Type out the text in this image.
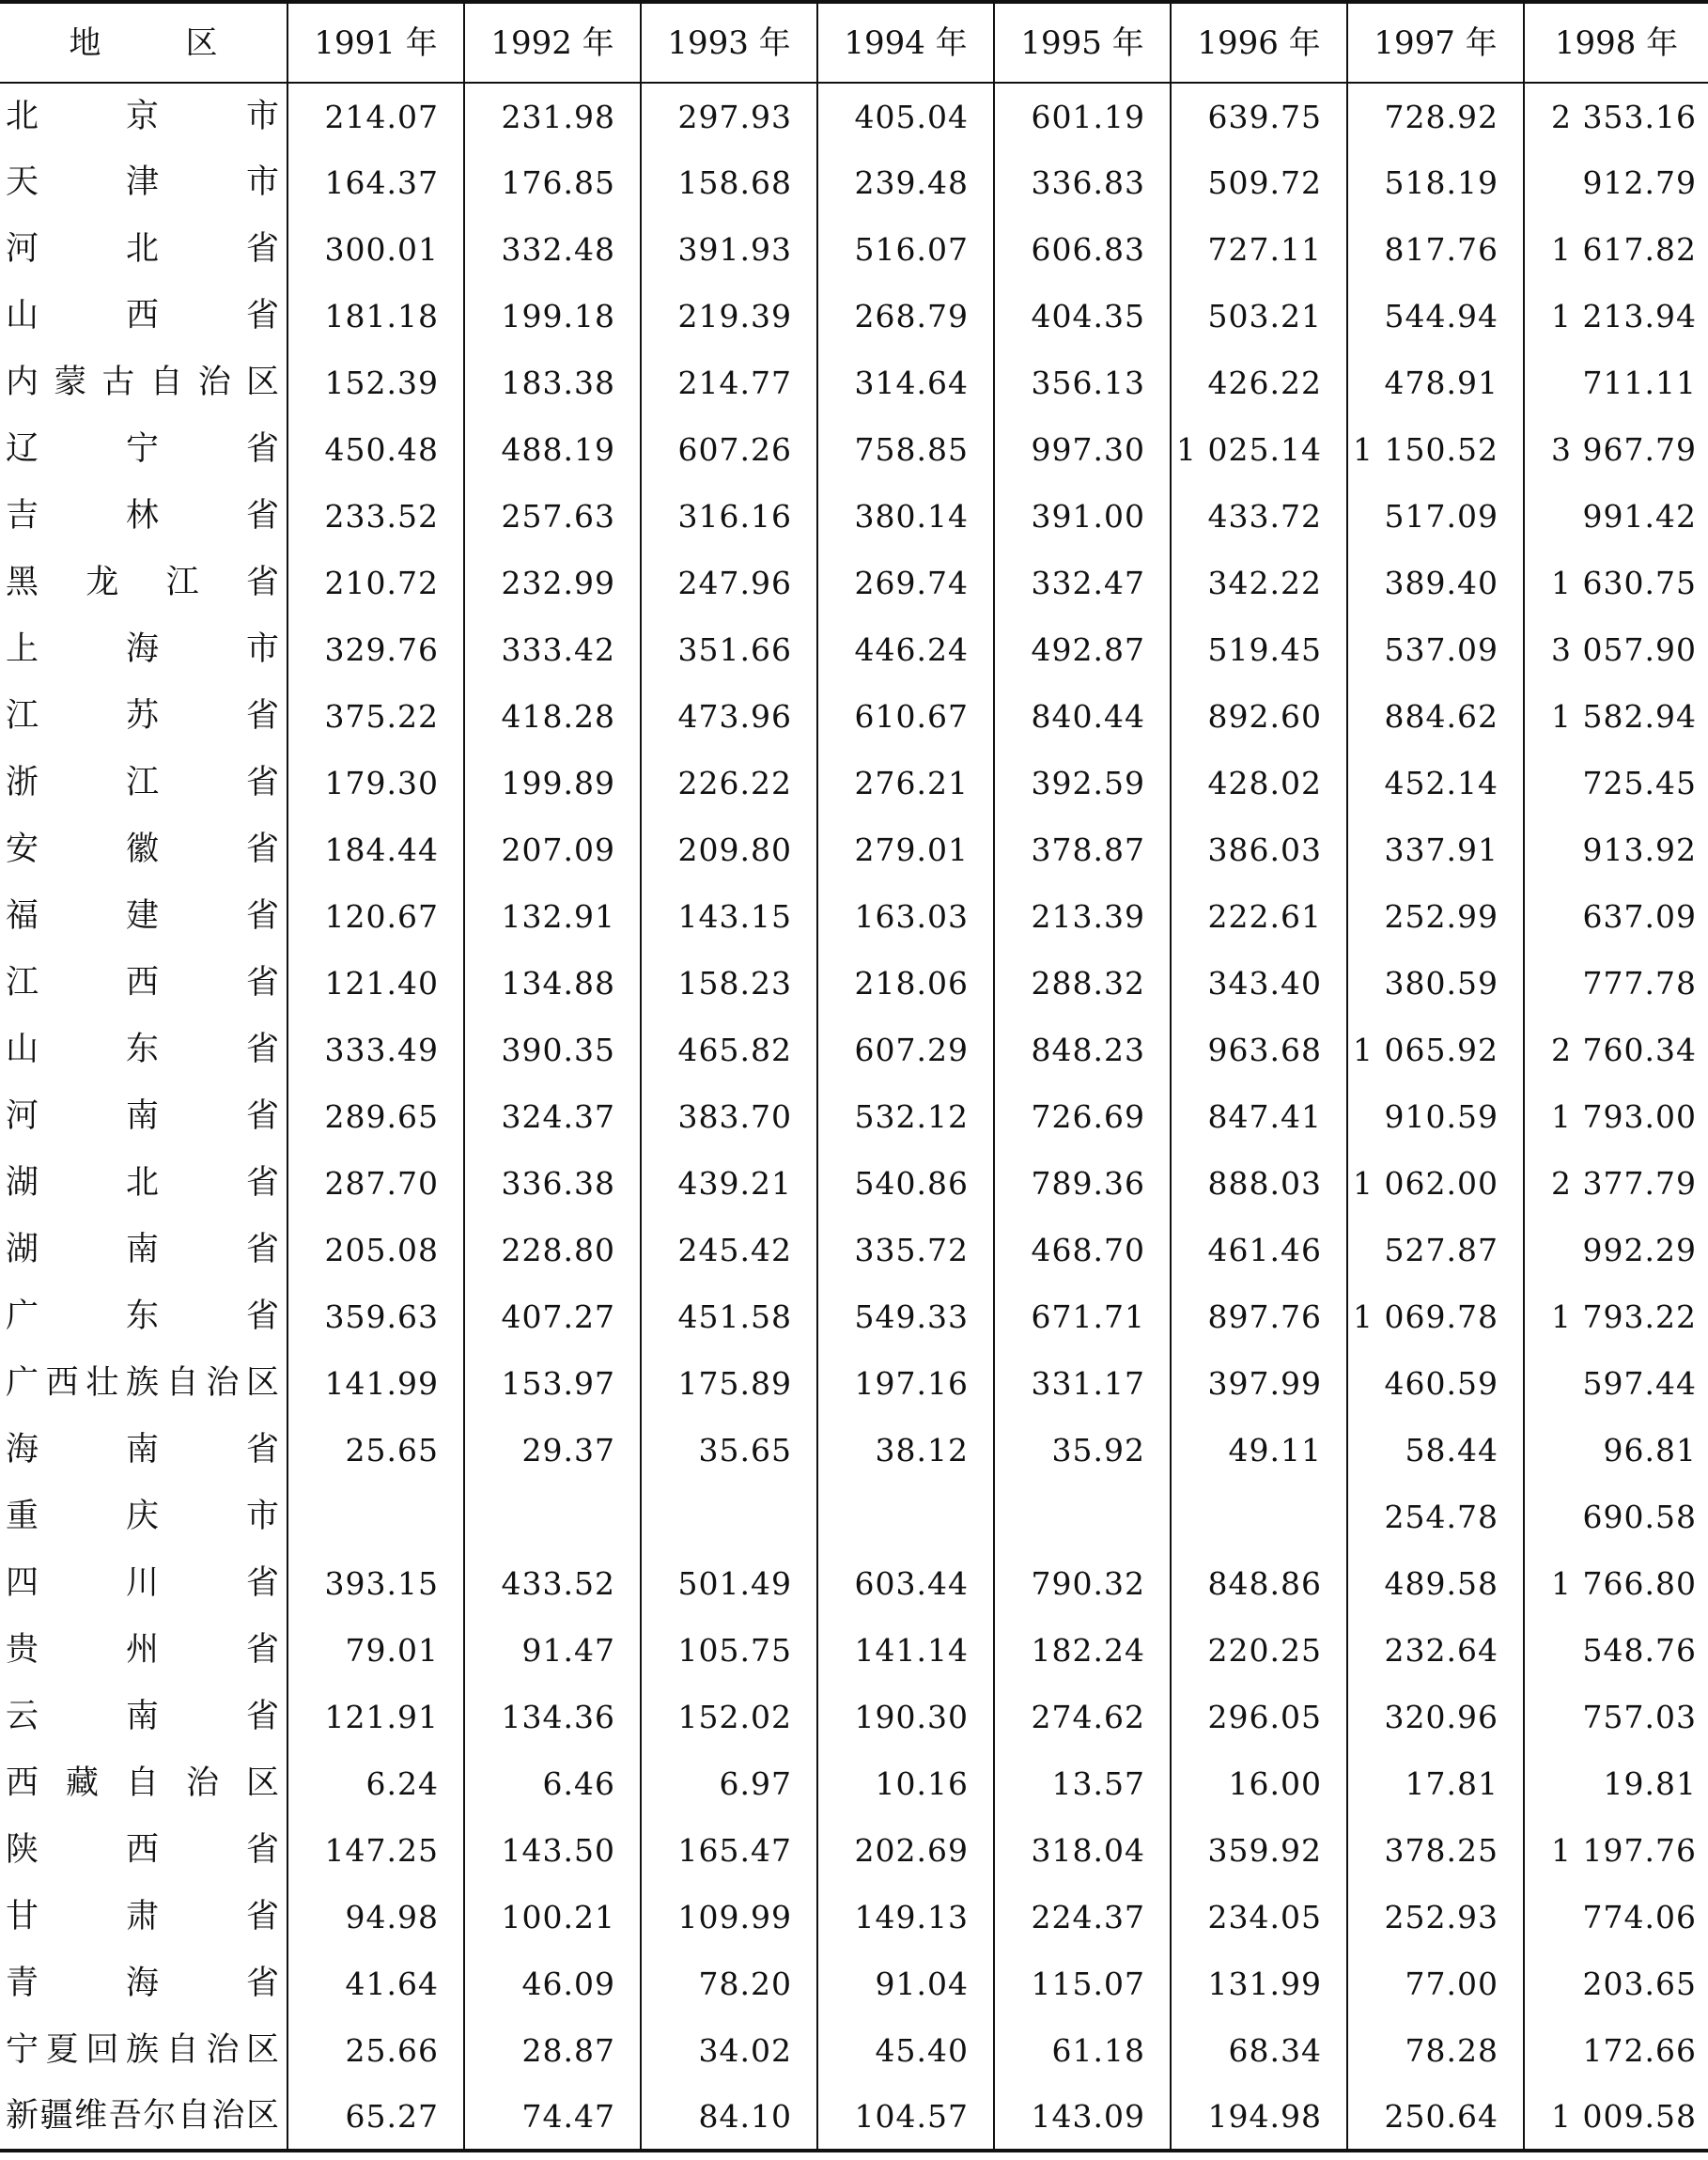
地 区	1991 年	1992 年	1993 年	1994 年	1995 年	1996 年	1997 年	1998 年
北京市	214.07	231.98	297.93	405.04	601.19	639.75	728.92	2 353.16
天津市	164.37	176.85	158.68	239.48	336.83	509.72	518.19	912.79
河北省	300.01	332.48	391.93	516.07	606.83	727.11	817.76	1 617.82
山西省	181.18	199.18	219.39	268.79	404.35	503.21	544.94	1 213.94
内蒙古自治区	152.39	183.38	214.77	314.64	356.13	426.22	478.91	711.11
辽宁省	450.48	488.19	607.26	758.85	997.30	1 025.14	1 150.52	3 967.79
吉林省	233.52	257.63	316.16	380.14	391.00	433.72	517.09	991.42
黑龙江省	210.72	232.99	247.96	269.74	332.47	342.22	389.40	1 630.75
上海市	329.76	333.42	351.66	446.24	492.87	519.45	537.09	3 057.90
江苏省	375.22	418.28	473.96	610.67	840.44	892.60	884.62	1 582.94
浙江省	179.30	199.89	226.22	276.21	392.59	428.02	452.14	725.45
安徽省	184.44	207.09	209.80	279.01	378.87	386.03	337.91	913.92
福建省	120.67	132.91	143.15	163.03	213.39	222.61	252.99	637.09
江西省	121.40	134.88	158.23	218.06	288.32	343.40	380.59	777.78
山东省	333.49	390.35	465.82	607.29	848.23	963.68	1 065.92	2 760.34
河南省	289.65	324.37	383.70	532.12	726.69	847.41	910.59	1 793.00
湖北省	287.70	336.38	439.21	540.86	789.36	888.03	1 062.00	2 377.79
湖南省	205.08	228.80	245.42	335.72	468.70	461.46	527.87	992.29
广东省	359.63	407.27	451.58	549.33	671.71	897.76	1 069.78	1 793.22
广西壮族自治区	141.99	153.97	175.89	197.16	331.17	397.99	460.59	597.44
海南省	25.65	29.37	35.65	38.12	35.92	49.11	58.44	96.81
重庆市							254.78	690.58
四川省	393.15	433.52	501.49	603.44	790.32	848.86	489.58	1 766.80
贵州省	79.01	91.47	105.75	141.14	182.24	220.25	232.64	548.76
云南省	121.91	134.36	152.02	190.30	274.62	296.05	320.96	757.03
西藏自治区	6.24	6.46	6.97	10.16	13.57	16.00	17.81	19.81
陕西省	147.25	143.50	165.47	202.69	318.04	359.92	378.25	1 197.76
甘肃省	94.98	100.21	109.99	149.13	224.37	234.05	252.93	774.06
青海省	41.64	46.09	78.20	91.04	115.07	131.99	77.00	203.65
宁夏回族自治区	25.66	28.87	34.02	45.40	61.18	68.34	78.28	172.66
新疆维吾尔自治区	65.27	74.47	84.10	104.57	143.09	194.98	250.64	1 009.58
